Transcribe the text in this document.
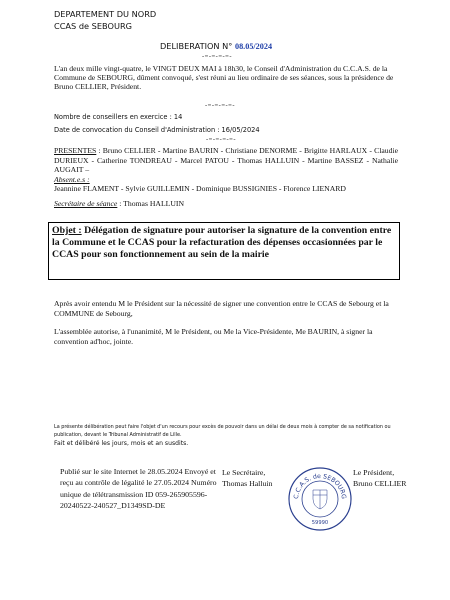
DEPARTEMENT DU NORD
CCAS de SEBOURG
DELIBERATION N° 08.05/2024
-=-=-=-=-
L'an deux mille vingt-quatre, le VINGT DEUX MAI à 18h30, le Conseil d'Administration du C.C.A.S. de la Commune de SEBOURG, dûment convoqué, s'est réuni au lieu ordinaire de ses séances, sous la présidence de Bruno CELLIER, Président.
-=-=-=-=-
Nombre de conseillers en exercice : 14
Date de convocation du Conseil d'Administration : 16/05/2024
-=-=-=-=-
PRESENTES : Bruno CELLIER - Martine BAURIN - Christiane DENORME - Brigitte HARLAUX - Claudie DURIEUX - Catherine TONDREAU - Marcel PATOU - Thomas HALLUIN - Martine BASSEZ - Nathalie AUGAIT –
Absent.e.s :
Jeannine FLAMENT - Sylvie GUILLEMIN - Dominique BUSSIGNIES - Florence LIENARD
Secrétaire de séance : Thomas HALLUIN
Objet : Délégation de signature pour autoriser la signature de la convention entre la Commune et le CCAS pour la refacturation des dépenses occasionnées par le CCAS pour son fonctionnement au sein de la mairie
Après avoir entendu M le Président sur la nécessité de signer une convention entre le CCAS de Sebourg et la COMMUNE de Sebourg,
L'assemblée autorise, à l'unanimité, M le Président, ou Me la Vice-Présidente, Me BAURIN, à signer la convention ad'hoc, jointe.
La présente délibération peut faire l'objet d'un recours pour excès de pouvoir dans un délai de deux mois à compter de sa notification ou publication, devant le Tribunal Administratif de Lille.
Fait et délibéré les jours, mois et an susdits.
Publié sur le site Internet le 28.05.2024 Envoyé et reçu au contrôle de légalité le 27.05.2024 Numéro unique de télétransmission ID 059-265905596-20240522-240527_D1349SD-DE
Le Secrétaire,
Thomas Halluin
C.C.A.S. de SEBOURG
59990
Le Président,
Bruno CELLIER
